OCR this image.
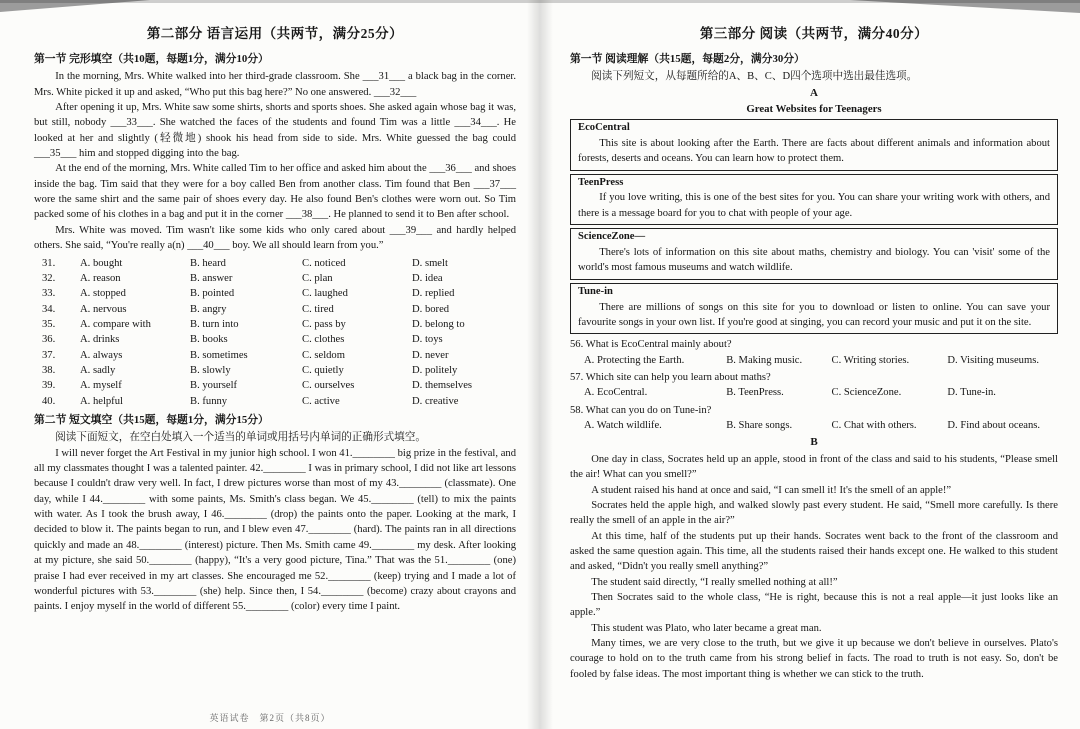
第二部分 语言运用（共两节，满分25分）
第一节 完形填空（共10题，每题1分，满分10分）

In the morning, Mrs. White walked into her third-grade classroom. She ___31___ a black bag in the corner. Mrs. White picked it up and asked, “Who put this bag here?” No one answered. ___32___

After opening it up, Mrs. White saw some shirts, shorts and sports shoes. She asked again whose bag it was, but still, nobody ___33___. She watched the faces of the students and found Tim was a little ___34___. He looked at her and slightly (轻微地) shook his head from side to side. Mrs. White guessed the bag could ___35___ him and stopped digging into the bag.

At the end of the morning, Mrs. White called Tim to her office and asked him about the ___36___ and shoes inside the bag. Tim said that they were for a boy called Ben from another class. Tim found that Ben ___37___ wore the same shirt and the same pair of shoes every day. He also found Ben's clothes were worn out. So Tim packed some of his clothes in a bag and put it in the corner ___38___. He planned to send it to Ben after school.

Mrs. White was moved. Tim wasn't like some kids who only cared about ___39___ and hardly helped others. She said, “You're really a(n) ___40___ boy. We all should learn from you.”

31.	A. bought	B. heard	C. noticed	D. smelt
32.	A. reason	B. answer	C. plan	D. idea
33.	A. stopped	B. pointed	C. laughed	D. replied
34.	A. nervous	B. angry	C. tired	D. bored
35.	A. compare with	B. turn into	C. pass by	D. belong to
36.	A. drinks	B. books	C. clothes	D. toys
37.	A. always	B. sometimes	C. seldom	D. never
38.	A. sadly	B. slowly	C. quietly	D. politely
39.	A. myself	B. yourself	C. ourselves	D. themselves
40.	A. helpful	B. funny	C. active	D. creative
第二节 短文填空（共15题，每题1分，满分15分）

阅读下面短文，在空白处填入一个适当的单词或用括号内单词的正确形式填空。

I will never forget the Art Festival in my junior high school. I won 41.________ big prize in the festival, and all my classmates thought I was a talented painter. 42.________ I was in primary school, I did not like art lessons because I couldn't draw very well. In fact, I drew pictures worse than most of my 43.________ (classmate). One day, while I 44.________ with some paints, Ms. Smith's class began. We 45.________ (tell) to mix the paints with water. As I took the brush away, I 46.________ (drop) the paints onto the paper. Looking at the mark, I decided to blow it. The paints began to run, and I blew even 47.________ (hard). The paints ran in all directions quickly and made an 48.________ (interest) picture. Then Ms. Smith came 49.________ my desk. After looking at my picture, she said 50.________ (happy), “It's a very good picture, Tina.” That was the 51.________ (one) praise I had ever received in my art classes. She encouraged me 52.________ (keep) trying and I made a lot of wonderful pictures with 53.________ (she) help. Since then, I 54.________ (become) crazy about crayons and paints. I enjoy myself in the world of different 55.________ (color) every time I paint.

英语试卷　第2页（共8页）
第三部分 阅读（共两节，满分40分）
第一节 阅读理解（共15题，每题2分，满分30分）

阅读下列短文，从每题所给的A、B、C、D四个选项中选出最佳选项。

A
Great Websites for Teenagers
EcoCentral

This site is about looking after the Earth. There are facts about different animals and information about forests, deserts and oceans. You can learn how to protect them.

TeenPress

If you love writing, this is one of the best sites for you. You can share your writing work with others, and there is a message board for you to chat with people of your age.

ScienceZone—

There's lots of information on this site about maths, chemistry and biology. You can 'visit' some of the world's most famous museums and watch wildlife.

Tune-in

There are millions of songs on this site for you to download or listen to online. You can save your favourite songs in your own list. If you're good at singing, you can record your music and put it on the site.

56. What is EcoCentral mainly about?
A. Protecting the Earth.	B. Making music.	C. Writing stories.	D. Visiting museums.
57. Which site can help you learn about maths?
A. EcoCentral.	B. TeenPress.	C. ScienceZone.	D. Tune-in.
58. What can you do on Tune-in?
A. Watch wildlife.	B. Share songs.	C. Chat with others.	D. Find about oceans.
B

One day in class, Socrates held up an apple, stood in front of the class and said to his students, “Please smell the air! What can you smell?”

A student raised his hand at once and said, “I can smell it! It's the smell of an apple!”

Socrates held the apple high, and walked slowly past every student. He said, “Smell more carefully. Is there really the smell of an apple in the air?”

At this time, half of the students put up their hands. Socrates went back to the front of the classroom and asked the same question again. This time, all the students raised their hands except one. He walked to this student and asked, “Didn't you really smell anything?”

The student said directly, “I really smelled nothing at all!”

Then Socrates said to the whole class, “He is right, because this is not a real apple—it just looks like an apple.”

This student was Plato, who later became a great man.

Many times, we are very close to the truth, but we give it up because we don't believe in ourselves. Plato's courage to hold on to the truth came from his strong belief in facts. The road to truth is not easy. So, don't be fooled by false ideas. The most important thing is whether we can stick to the truth.
